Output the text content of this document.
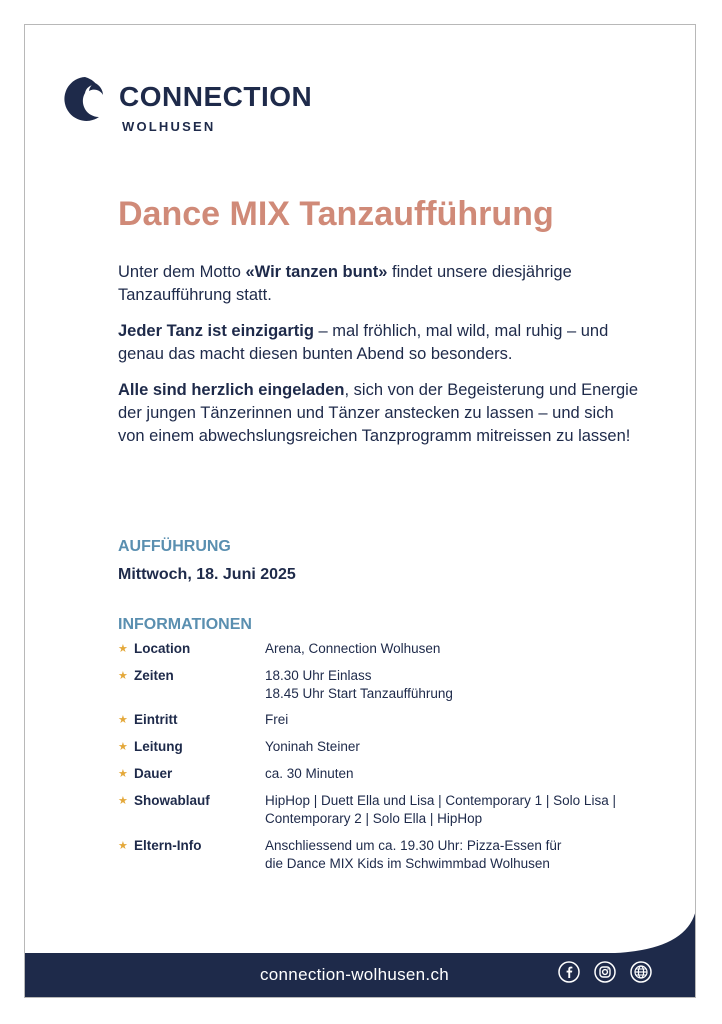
CONNECTION
WOLHUSEN
Dance MIX Tanzaufführung

Unter dem Motto «Wir tanzen bunt» findet unsere diesjährige Tanzaufführung statt.

Jeder Tanz ist einzigartig – mal fröhlich, mal wild, mal ruhig – und genau das macht diesen bunten Abend so besonders.

Alle sind herzlich eingeladen, sich von der Begeisterung und Energie der jungen Tänzerinnen und Tänzer anstecken zu lassen – und sich von einem abwechslungsreichen Tanzprogramm mitreissen zu lassen!

AUFFÜHRUNG
Mittwoch, 18. Juni 2025
INFORMATIONEN
★ Location	Arena, Connection Wolhusen
★ Zeiten	18.30 Uhr Einlass
18.45 Uhr Start Tanzaufführung
★ Eintritt	Frei
★ Leitung	Yoninah Steiner
★ Dauer	ca. 30 Minuten
★ Showablauf	HipHop | Duett Ella und Lisa | Contemporary 1 | Solo Lisa |
Contemporary 2 | Solo Ella | HipHop
★ Eltern-Info	Anschliessend um ca. 19.30 Uhr: Pizza-Essen für
die Dance MIX Kids im Schwimmbad Wolhusen
connection-wolhusen.ch
